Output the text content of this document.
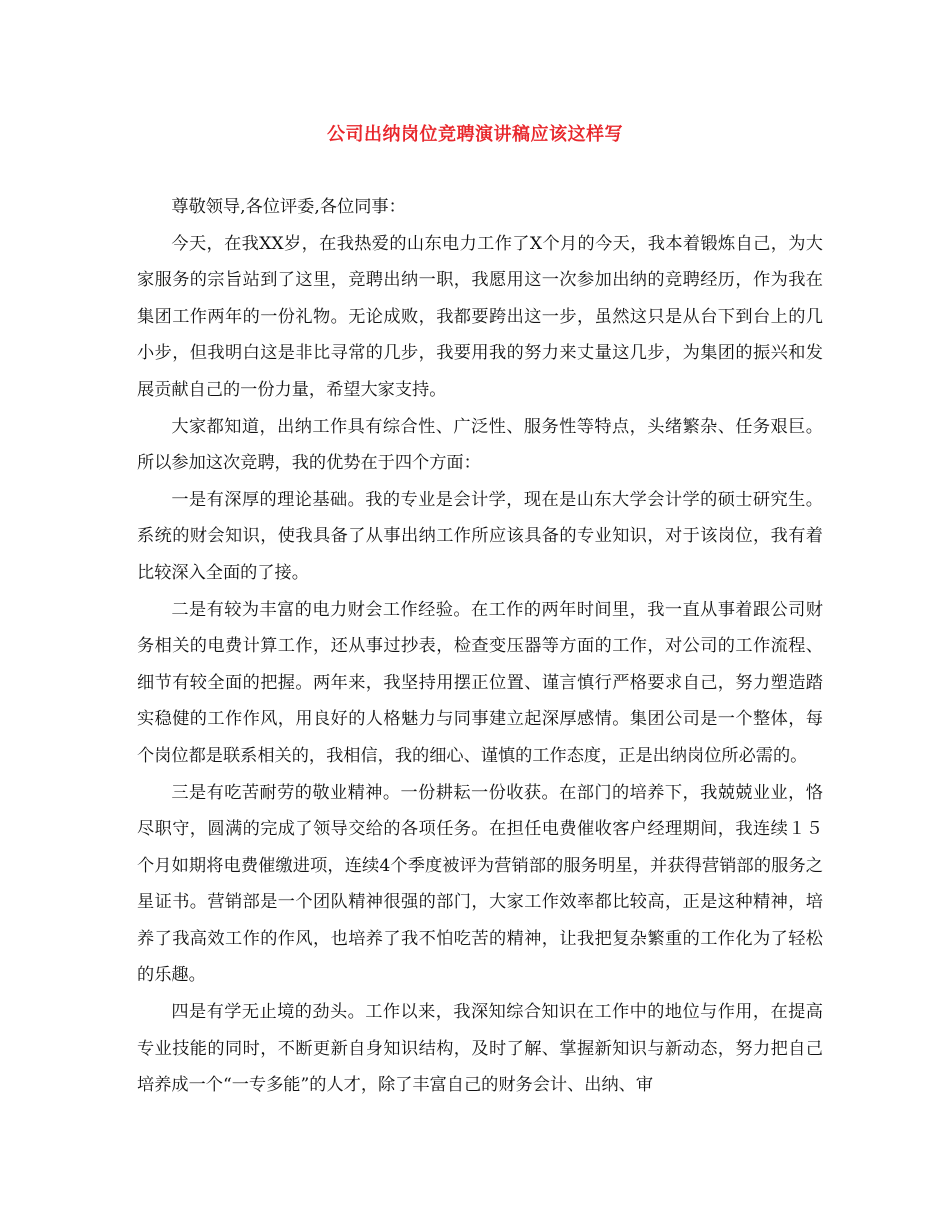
公司出纳岗位竞聘演讲稿应该这样写

尊敬领导,各位评委,各位同事：

今天，在我XX岁，在我热爱的山东电力工作了X个月的今天，我本着锻炼自己，为大家服务的宗旨站到了这里，竞聘出纳一职，我愿用这一次参加出纳的竞聘经历，作为我在集团工作两年的一份礼物。无论成败，我都要跨出这一步，虽然这只是从台下到台上的几小步，但我明白这是非比寻常的几步，我要用我的努力来丈量这几步，为集团的振兴和发展贡献自己的一份力量，希望大家支持。

大家都知道，出纳工作具有综合性、广泛性、服务性等特点，头绪繁杂、任务艰巨。所以参加这次竞聘，我的优势在于四个方面：

一是有深厚的理论基础。我的专业是会计学，现在是山东大学会计学的硕士研究生。系统的财会知识，使我具备了从事出纳工作所应该具备的专业知识，对于该岗位，我有着比较深入全面的了接。

二是有较为丰富的电力财会工作经验。在工作的两年时间里，我一直从事着跟公司财务相关的电费计算工作，还从事过抄表，检查变压器等方面的工作，对公司的工作流程、细节有较全面的把握。两年来，我坚持用摆正位置、谨言慎行严格要求自己，努力塑造踏实稳健的工作作风，用良好的人格魅力与同事建立起深厚感情。集团公司是一个整体，每个岗位都是联系相关的，我相信，我的细心、谨慎的工作态度，正是出纳岗位所必需的。

三是有吃苦耐劳的敬业精神。一份耕耘一份收获。在部门的培养下，我兢兢业业，恪尽职守，圆满的完成了领导交给的各项任务。在担任电费催收客户经理期间，我连续１５个月如期将电费催缴进项，连续4个季度被评为营销部的服务明星，并获得营销部的服务之星证书。营销部是一个团队精神很强的部门，大家工作效率都比较高，正是这种精神，培养了我高效工作的作风，也培养了我不怕吃苦的精神，让我把复杂繁重的工作化为了轻松的乐趣。

四是有学无止境的劲头。工作以来，我深知综合知识在工作中的地位与作用，在提高专业技能的同时，不断更新自身知识结构，及时了解、掌握新知识与新动态，努力把自己培养成一个“一专多能”的人才，除了丰富自己的财务会计、出纳、审
